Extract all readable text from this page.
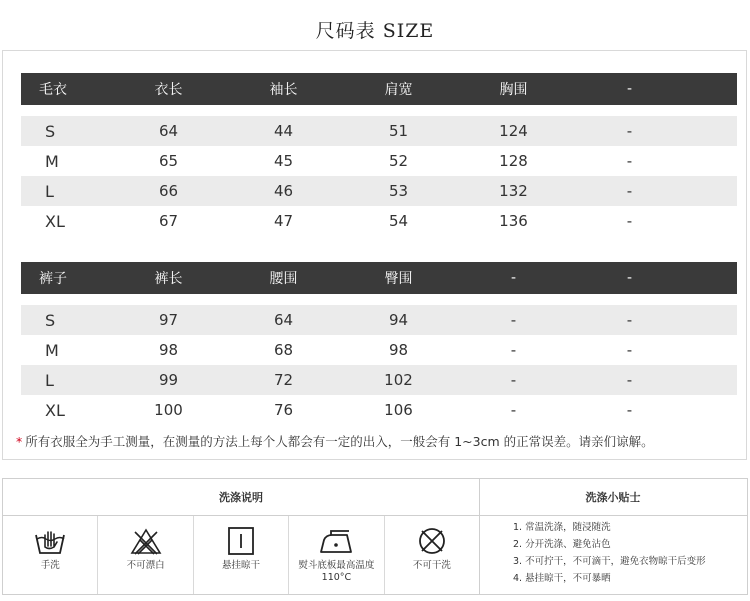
尺码表 SIZE
毛衣	衣长	袖长	肩宽	胸围	-
S	64	44	51	124	-
M	65	45	52	128	-
L	66	46	53	132	-
XL	67	47	54	136	-
裤子	裤长	腰围	臀围	-	-
S	97	64	94	-	-
M	98	68	98	-	-
L	99	72	102	-	-
XL	100	76	106	-	-
* 所有衣服全为手工测量，在测量的方法上每个人都会有一定的出入，一般会有 1~3cm 的正常误差。请亲们谅解。
洗涤说明	洗涤小贴士
手洗	不可漂白	悬挂晾干	熨斗底板最高温度110°C
不可干洗
1. 常温洗涤，随浸随洗
2. 分开洗涤、避免沾色
3. 不可拧干，不可滴干，避免衣物晾干后变形
4. 悬挂晾干，不可暴晒
